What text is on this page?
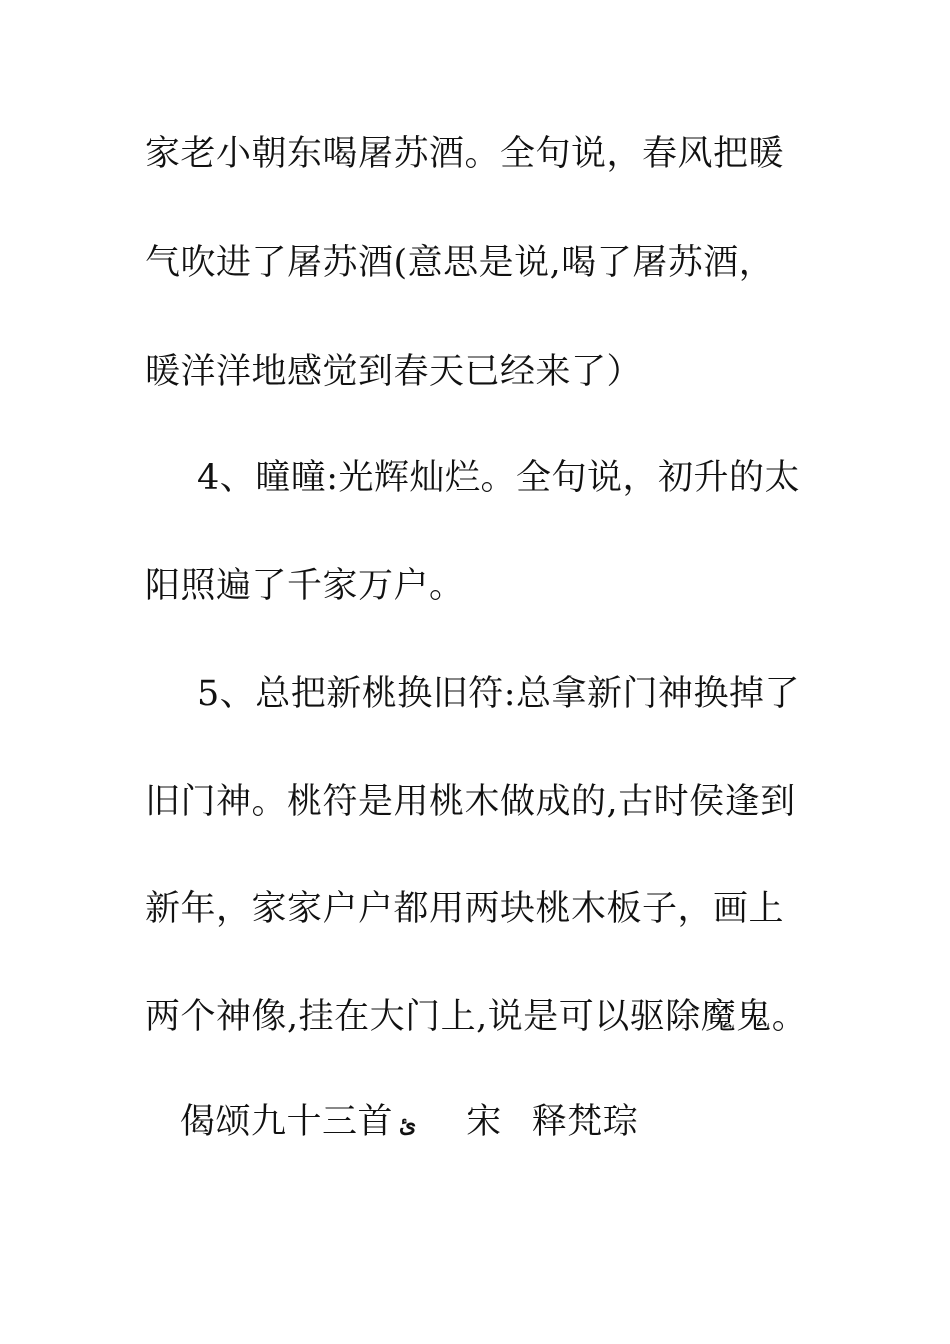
家老小朝东喝屠苏酒。全句说，春风把暖
气吹进了屠苏酒(意思是说,喝了屠苏酒，
暖洋洋地感觉到春天已经来了）
4、曈曈:光辉灿烂。全句说，初升的太
阳照遍了千家万户。
5、总把新桃换旧符:总拿新门神换掉了
旧门神。桃符是用桃木做成的,古时侯逢到
新年，家家户户都用两块桃木板子，画上
两个神像,挂在大门上,说是可以驱除魔鬼。
偈颂九十三首 ﺉ 宋 释梵琮
